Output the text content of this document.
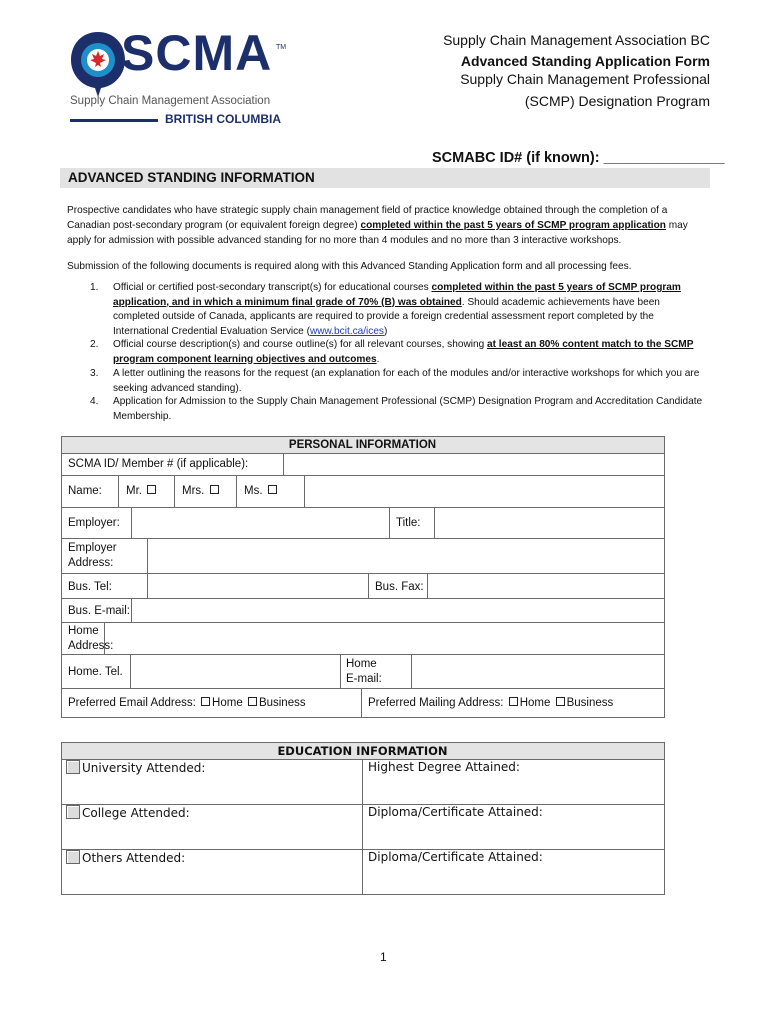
SCMA TM
Supply Chain Management Association
BRITISH COLUMBIA
Supply Chain Management Association BC
Advanced Standing Application Form
Supply Chain Management Professional
(SCMP) Designation Program
SCMABC ID# (if known): _______________
ADVANCED STANDING INFORMATION
Prospective candidates who have strategic supply chain management field of practice knowledge obtained through the completion of a Canadian post-secondary program (or equivalent foreign degree) completed within the past 5 years of SCMP program application may apply for admission with possible advanced standing for no more than 4 modules and no more than 3 interactive workshops.
Submission of the following documents is required along with this Advanced Standing Application form and all processing fees.
1. Official or certified post-secondary transcript(s) for educational courses completed within the past 5 years of SCMP program application, and in which a minimum final grade of 70% (B) was obtained. Should academic achievements have been completed outside of Canada, applicants are required to provide a foreign credential assessment report completed by the International Credential Evaluation Service (www.bcit.ca/ices)
2. Official course description(s) and course outline(s) for all relevant courses, showing at least an 80% content match to the SCMP program component learning objectives and outcomes.
3. A letter outlining the reasons for the request (an explanation for each of the modules and/or interactive workshops for which you are seeking advanced standing).
4. Application for Admission to the Supply Chain Management Professional (SCMP) Designation Program and Accreditation Candidate Membership.
PERSONAL INFORMATION
SCMA ID/ Member # (if applicable):
Name: Mr.	Mrs.	Ms.
Employer:	Title:
Employer
Address:
Bus. Tel:	Bus. Fax:
Bus. E-mail:
Home
Address:
Home. Tel.
Home
E-mail:
Preferred Email Address: Home Business	Preferred Mailing Address: Home Business
EDUCATION INFORMATION
University Attended:	Highest Degree Attained:
College Attended:	Diploma/Certificate Attained:
Others Attended:	Diploma/Certificate Attained:
1
